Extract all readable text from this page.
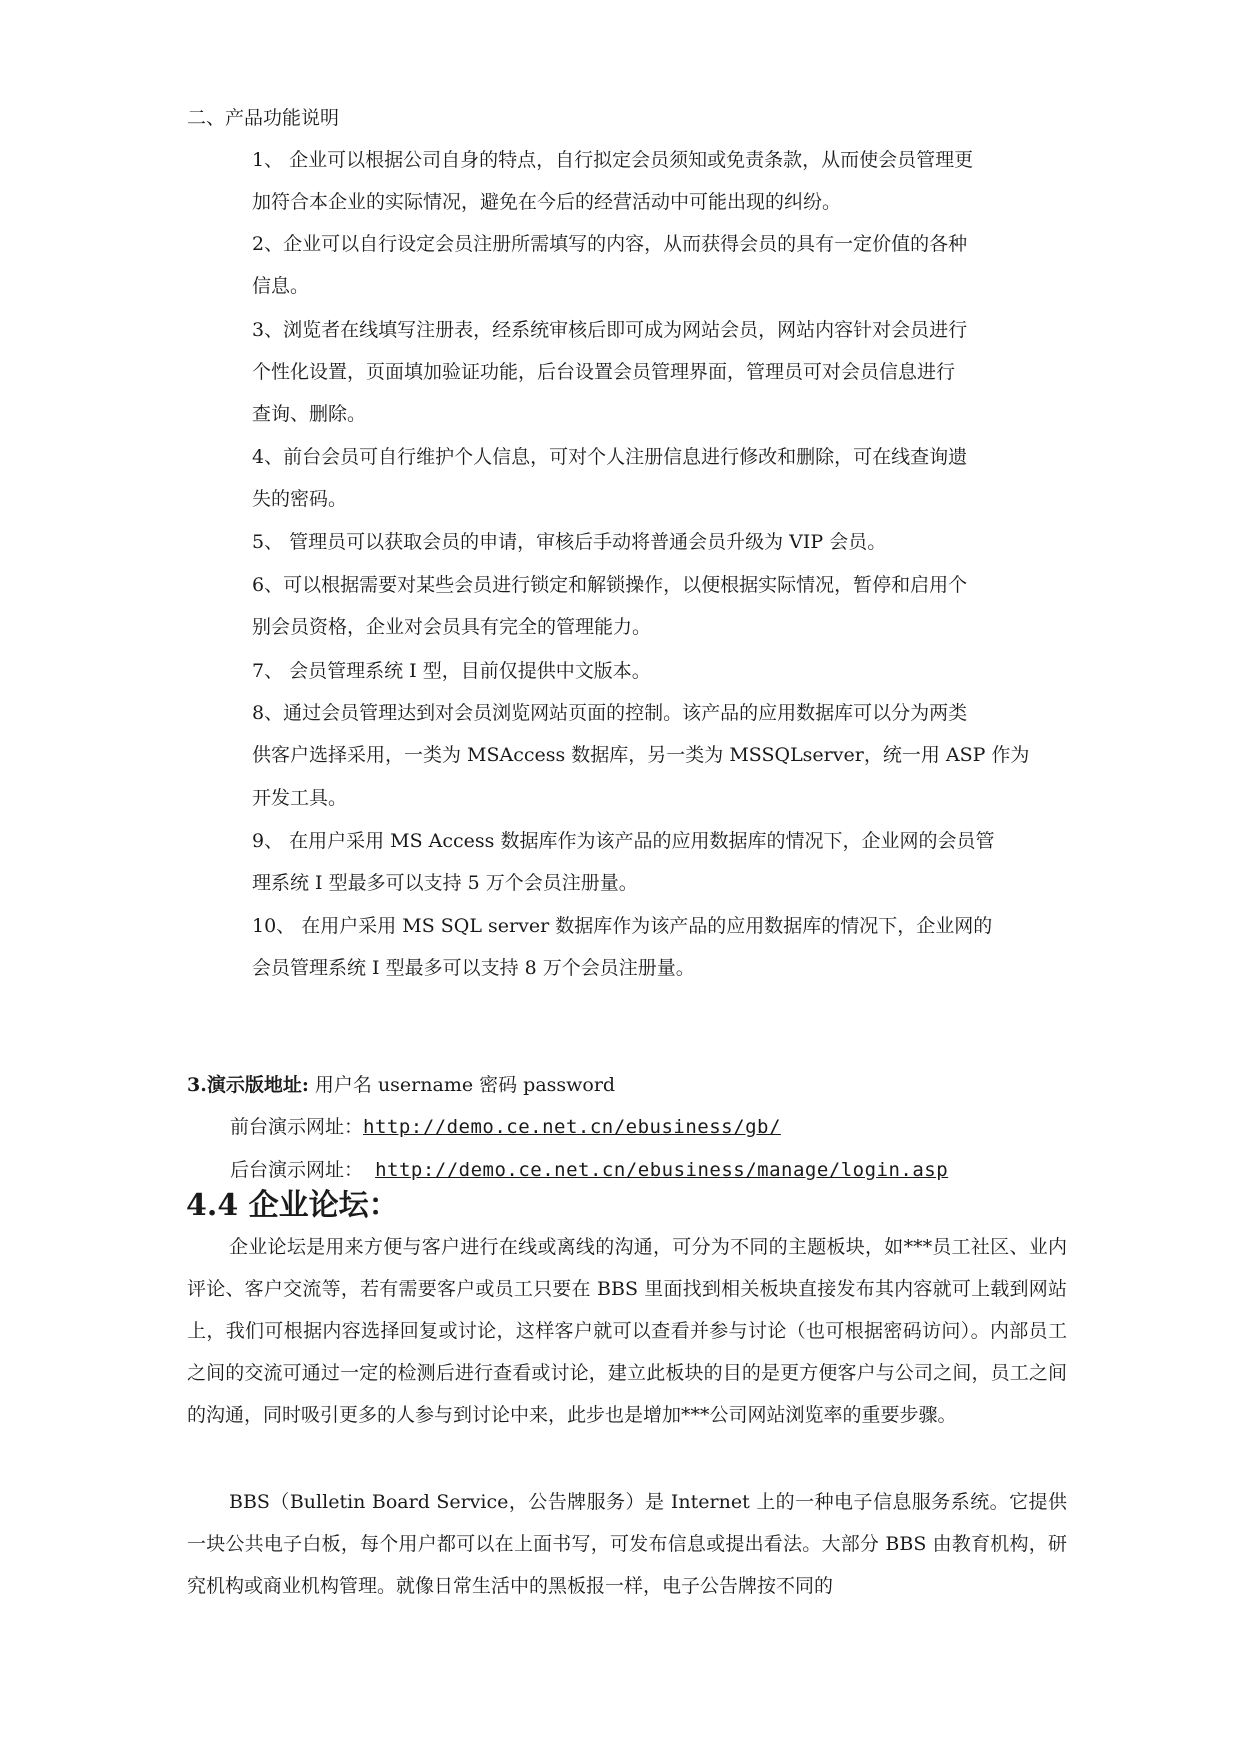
二、产品功能说明
1、 企业可以根据公司自身的特点，自行拟定会员须知或免责条款，从而使会员管理更
加符合本企业的实际情况，避免在今后的经营活动中可能出现的纠纷。
2、企业可以自行设定会员注册所需填写的内容，从而获得会员的具有一定价值的各种
信息。
3、浏览者在线填写注册表，经系统审核后即可成为网站会员，网站内容针对会员进行
个性化设置，页面填加验证功能，后台设置会员管理界面，管理员可对会员信息进行
查询、删除。
4、前台会员可自行维护个人信息，可对个人注册信息进行修改和删除，可在线查询遗
失的密码。
5、 管理员可以获取会员的申请，审核后手动将普通会员升级为 VIP 会员。
6、可以根据需要对某些会员进行锁定和解锁操作，以便根据实际情况，暂停和启用个
别会员资格，企业对会员具有完全的管理能力。
7、 会员管理系统 I 型，目前仅提供中文版本。
8、通过会员管理达到对会员浏览网站页面的控制。该产品的应用数据库可以分为两类
供客户选择采用，一类为 MSAccess 数据库，另一类为 MSSQLserver，统一用 ASP 作为
开发工具。
9、 在用户采用 MS Access 数据库作为该产品的应用数据库的情况下，企业网的会员管
理系统 I 型最多可以支持 5 万个会员注册量。
10、 在用户采用 MS SQL server 数据库作为该产品的应用数据库的情况下，企业网的
会员管理系统 I 型最多可以支持 8 万个会员注册量。
3.演示版地址: 用户名 username 密码 password
前台演示网址：http://demo.ce.net.cn/ebusiness/gb/
后台演示网址：  http://demo.ce.net.cn/ebusiness/manage/login.asp
4.4 企业论坛：

企业论坛是用来方便与客户进行在线或离线的沟通，可分为不同的主题板块，如***员工社区、业内评论、客户交流等，若有需要客户或员工只要在 BBS 里面找到相关板块直接发布其内容就可上载到网站上，我们可根据内容选择回复或讨论，这样客户就可以查看并参与讨论（也可根据密码访问）。内部员工之间的交流可通过一定的检测后进行查看或讨论，建立此板块的目的是更方便客户与公司之间，员工之间的沟通，同时吸引更多的人参与到讨论中来，此步也是增加***公司网站浏览率的重要步骤。

BBS（Bulletin Board Service，公告牌服务）是 Internet 上的一种电子信息服务系统。它提供一块公共电子白板，每个用户都可以在上面书写，可发布信息或提出看法。大部分 BBS 由教育机构，研究机构或商业机构管理。就像日常生活中的黑板报一样，电子公告牌按不同的
